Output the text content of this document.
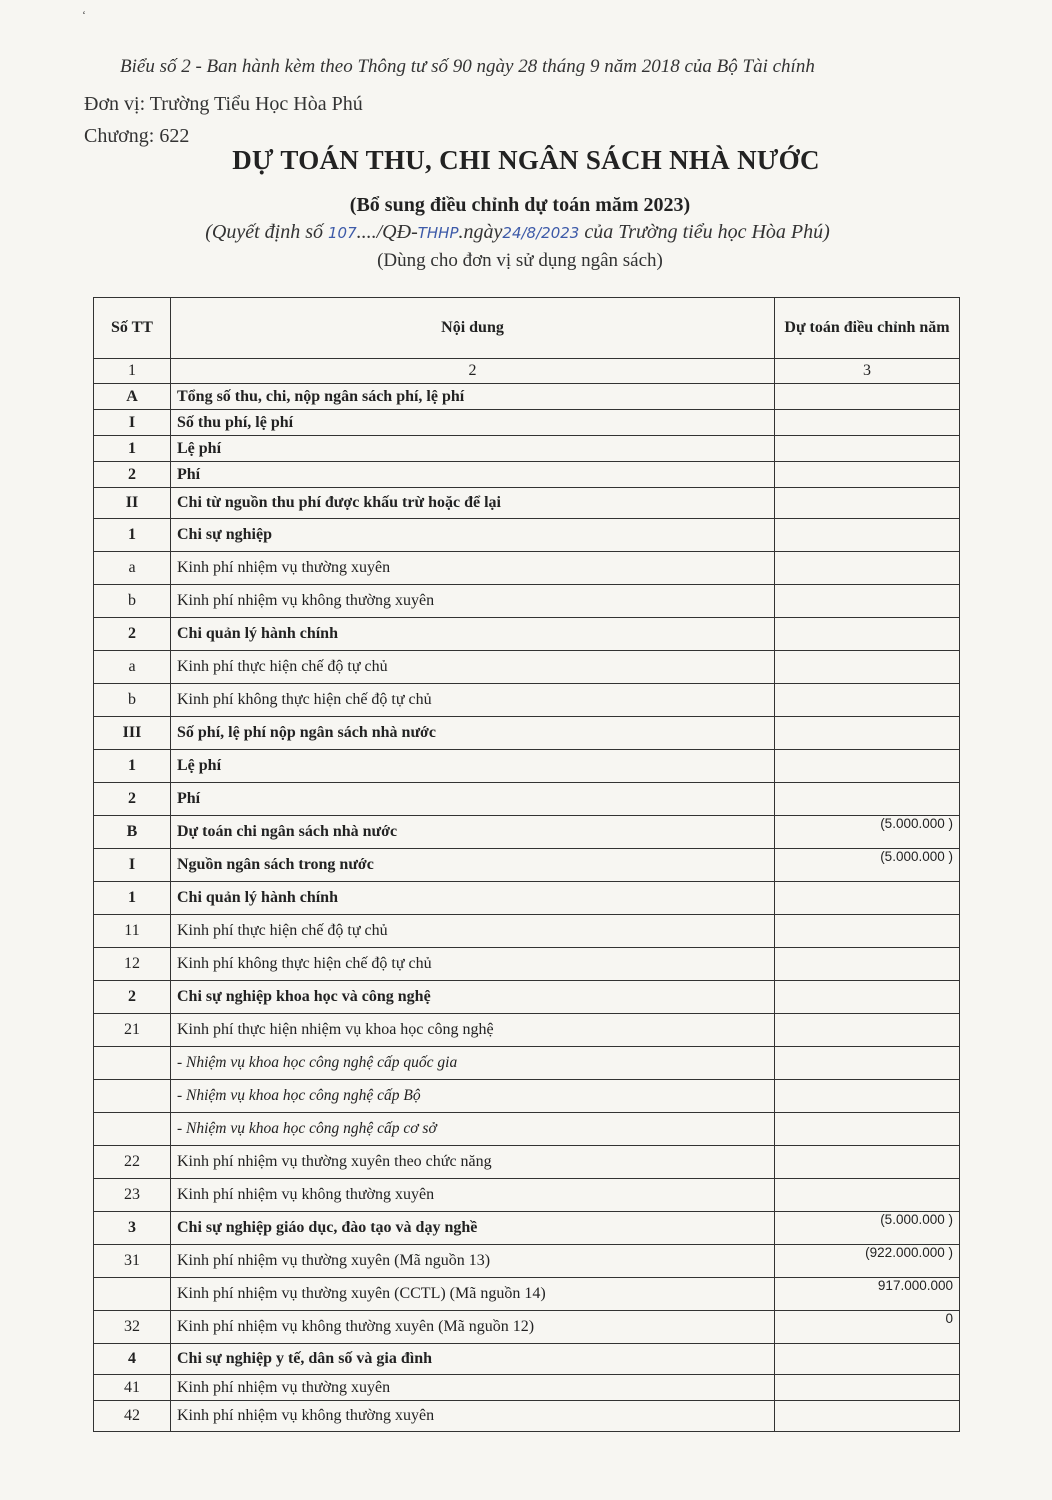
‘
Biểu số 2 - Ban hành kèm theo Thông tư số 90 ngày 28 tháng 9 năm 2018 của Bộ Tài chính
Đơn vị: Trường Tiểu Học Hòa Phú
Chương: 622
DỰ TOÁN THU, CHI NGÂN SÁCH NHÀ NƯỚC
(Bổ sung điều chỉnh dự toán măm 2023)
(Quyết định số 107..../QĐ-THHP.ngày24/8/2023 của Trường tiểu học Hòa Phú)
(Dùng cho đơn vị sử dụng ngân sách)
Số TT	Nội dung	Dự toán điều chỉnh năm
1	2	3
A	Tổng số thu, chi, nộp ngân sách phí, lệ phí	
I	Số thu phí, lệ phí	
1	Lệ phí	
2	Phí	
II	Chi từ nguồn thu phí được khấu trừ hoặc để lại	
1	Chi sự nghiệp	
a	Kinh phí nhiệm vụ thường xuyên	
b	Kinh phí nhiệm vụ không thường xuyên	
2	Chi quản lý hành chính	
a	Kinh phí thực hiện chế độ tự chủ	
b	Kinh phí không thực hiện chế độ tự chủ	
III	Số phí, lệ phí nộp ngân sách nhà nước	
1	Lệ phí	
2	Phí	
B	Dự toán chi ngân sách nhà nước	(5.000.000 )
I	Nguồn ngân sách trong nước	(5.000.000 )
1	Chi quản lý hành chính	
11	Kinh phí thực hiện chế độ tự chủ	
12	Kinh phí không thực hiện chế độ tự chủ	
2	Chi sự nghiệp khoa học và công nghệ	
21	Kinh phí thực hiện nhiệm vụ khoa học công nghệ	
	- Nhiệm vụ khoa học công nghệ cấp quốc gia	
	- Nhiệm vụ khoa học công nghệ cấp Bộ	
	- Nhiệm vụ khoa học công nghệ cấp cơ sở	
22	Kinh phí nhiệm vụ thường xuyên theo chức năng	
23	Kinh phí nhiệm vụ không thường xuyên	
3	Chi sự nghiệp giáo dục, đào tạo và dạy nghề	(5.000.000 )
31	Kinh phí nhiệm vụ thường xuyên (Mã nguồn 13)	(922.000.000 )
	Kinh phí nhiệm vụ thường xuyên (CCTL) (Mã nguồn 14)	917.000.000
32	Kinh phí nhiệm vụ không thường xuyên (Mã nguồn 12)	0
4	Chi sự nghiệp y tế, dân số và gia đình	
41	Kinh phí nhiệm vụ thường xuyên	
42	Kinh phí nhiệm vụ không thường xuyên	
